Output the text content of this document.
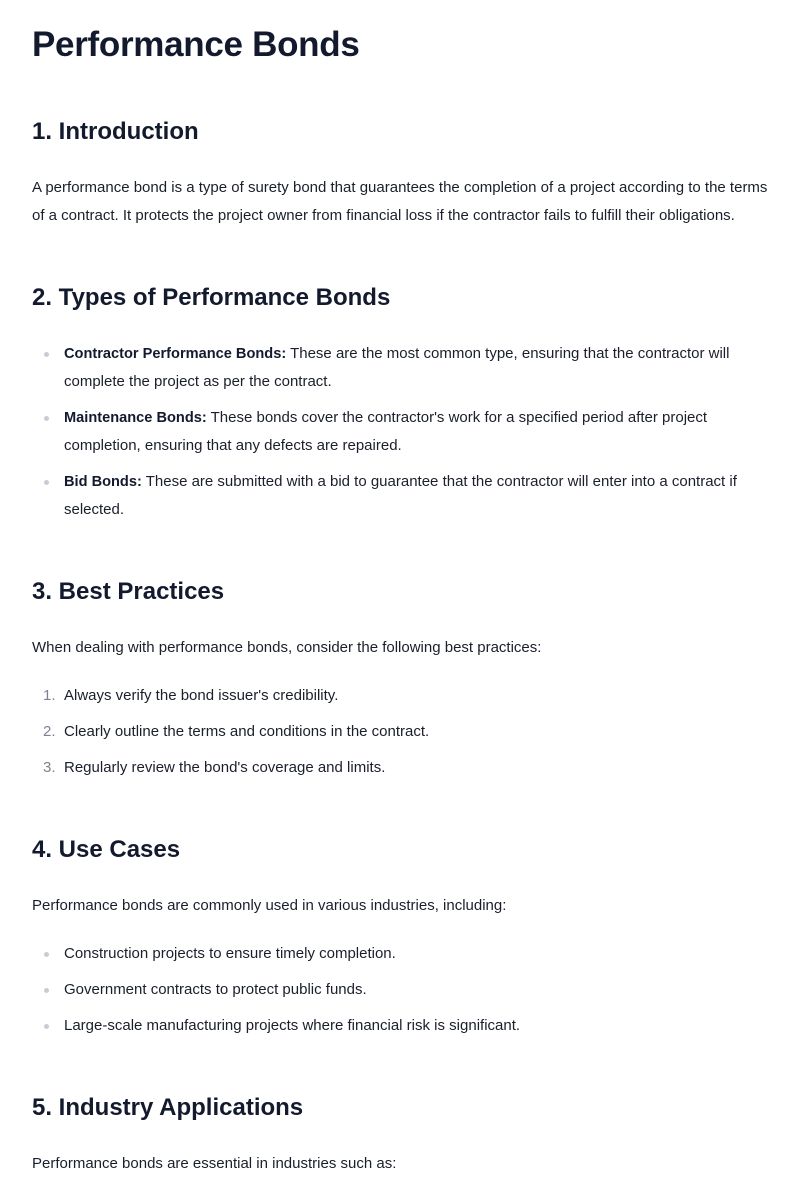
Performance Bonds
1. Introduction

A performance bond is a type of surety bond that guarantees the completion of a project according to the terms of a contract. It protects the project owner from financial loss if the contractor fails to fulfill their obligations.

2. Types of Performance Bonds
Contractor Performance Bonds: These are the most common type, ensuring that the contractor will complete the project as per the contract.
Maintenance Bonds: These bonds cover the contractor's work for a specified period after project completion, ensuring that any defects are repaired.
Bid Bonds: These are submitted with a bid to guarantee that the contractor will enter into a contract if selected.
3. Best Practices

When dealing with performance bonds, consider the following best practices:

1. Always verify the bond issuer's credibility.
2. Clearly outline the terms and conditions in the contract.
3. Regularly review the bond's coverage and limits.
4. Use Cases

Performance bonds are commonly used in various industries, including:

Construction projects to ensure timely completion.
Government contracts to protect public funds.
Large-scale manufacturing projects where financial risk is significant.
5. Industry Applications

Performance bonds are essential in industries such as:
